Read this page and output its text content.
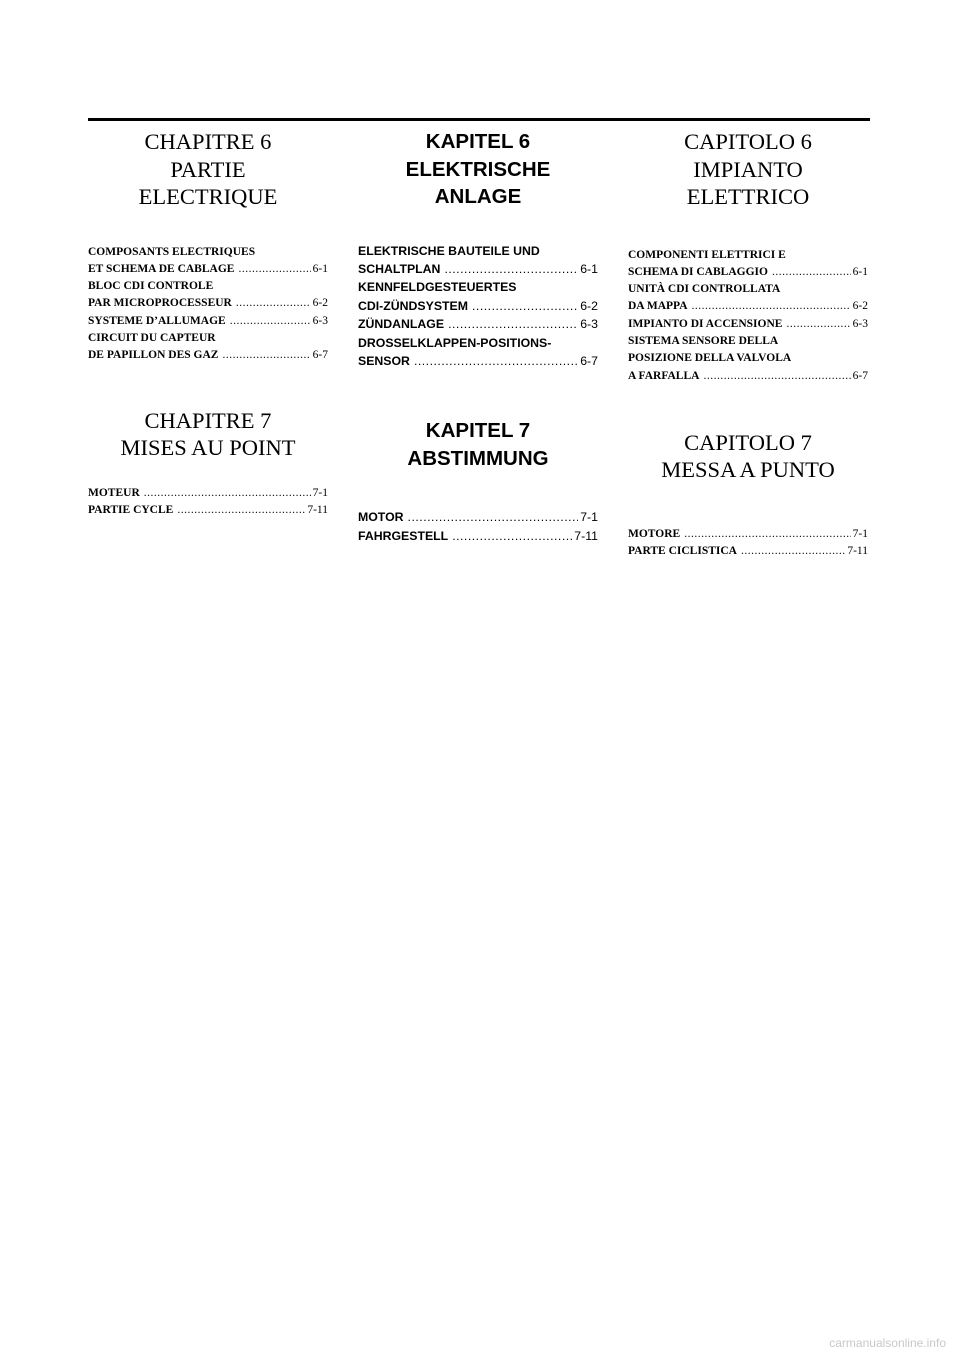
CHAPITRE 6
PARTIE
ELECTRIQUE
COMPOSANTS ELECTRIQUES
ET SCHEMA DE CABLAGE .....	6-1
BLOC CDI CONTROLE
PAR MICROPROCESSEUR .....	6-2
SYSTEME D’ALLUMAGE .....	6-3
CIRCUIT DU CAPTEUR
DE PAPILLON DES GAZ .....	6-7
CHAPITRE 7
MISES AU POINT
MOTEUR .....	7-1
PARTIE CYCLE .....	7-11
KAPITEL 6
ELEKTRISCHE
ANLAGE
ELEKTRISCHE BAUTEILE UND
SCHALTPLAN .....	6-1
KENNFELDGESTEUERTES
CDI-ZÜNDSYSTEM .....	6-2
ZÜNDANLAGE .....	6-3
DROSSELKLAPPEN-POSITIONS-
SENSOR .....	6-7
KAPITEL 7
ABSTIMMUNG
MOTOR .....	7-1
FAHRGESTELL .....	7-11
CAPITOLO 6
IMPIANTO
ELETTRICO
COMPONENTI ELETTRICI E
SCHEMA DI CABLAGGIO .....	6-1
UNITÀ CDI CONTROLLATA
DA MAPPA .....	6-2
IMPIANTO DI ACCENSIONE .....	6-3
SISTEMA SENSORE DELLA
POSIZIONE DELLA VALVOLA
A FARFALLA .....	6-7
CAPITOLO 7
MESSA A PUNTO
MOTORE .....	7-1
PARTE CICLISTICA .....	7-11
carmanualsonline.info
